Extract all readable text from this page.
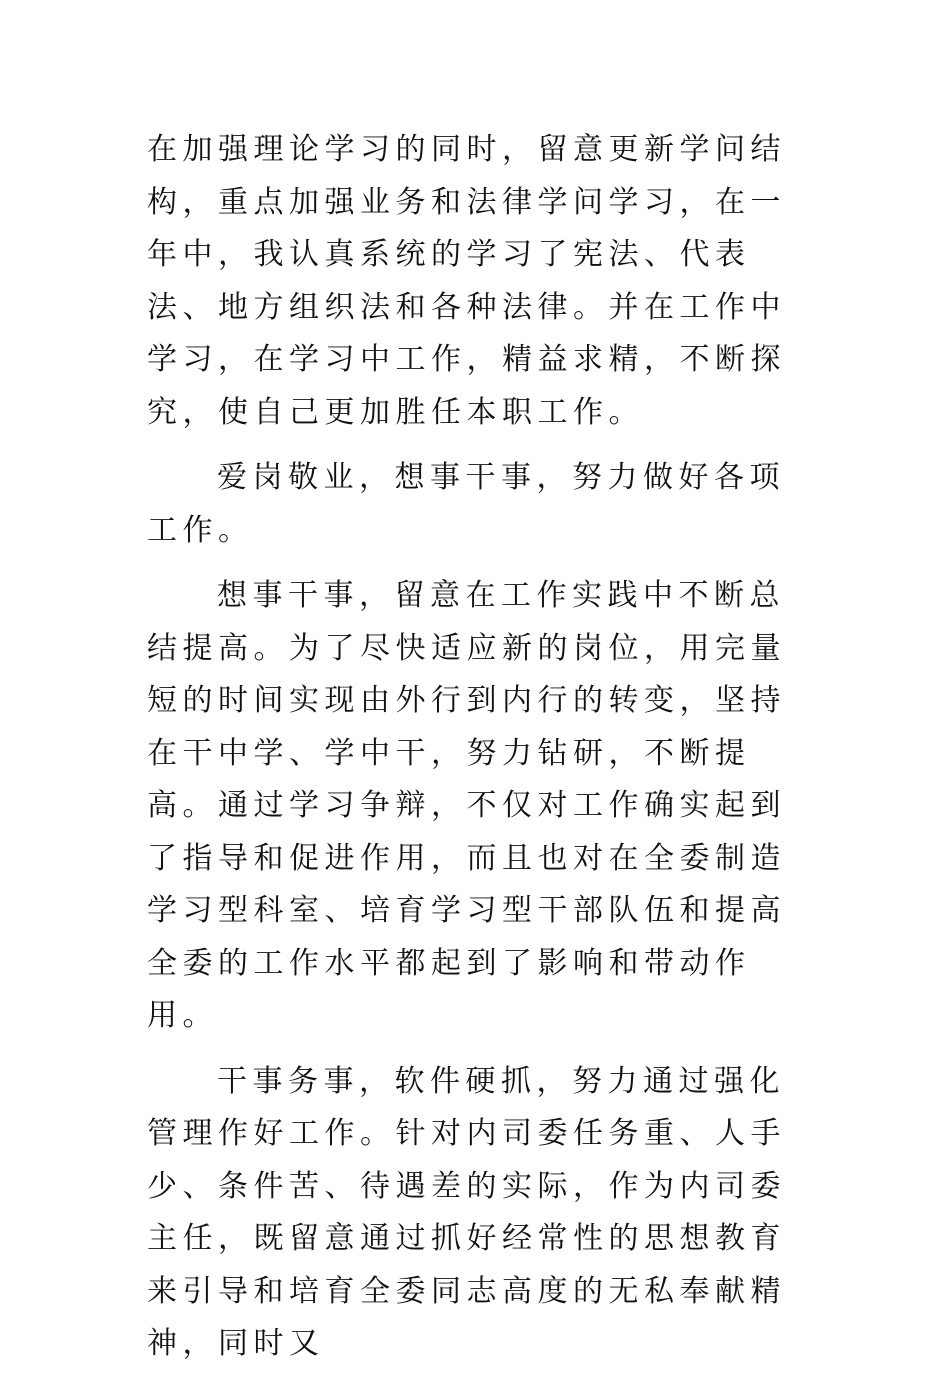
在加强理论学习的同时，留意更新学问结构，重点加强业务和法律学问学习，在一年中，我认真系统的学习了宪法、代表法、地方组织法和各种法律。并在工作中学习，在学习中工作，精益求精，不断探究，使自己更加胜任本职工作。

爱岗敬业，想事干事，努力做好各项工作。

想事干事，留意在工作实践中不断总结提高。为了尽快适应新的岗位，用完量短的时间实现由外行到内行的转变，坚持在干中学、学中干，努力钻研，不断提高。通过学习争辩，不仅对工作确实起到了指导和促进作用，而且也对在全委制造学习型科室、培育学习型干部队伍和提高全委的工作水平都起到了影响和带动作用。

干事务事，软件硬抓，努力通过强化管理作好工作。针对内司委任务重、人手少、条件苦、待遇差的实际，作为内司委主任，既留意通过抓好经常性的思想教育来引导和培育全委同志高度的无私奉献精神，同时又
